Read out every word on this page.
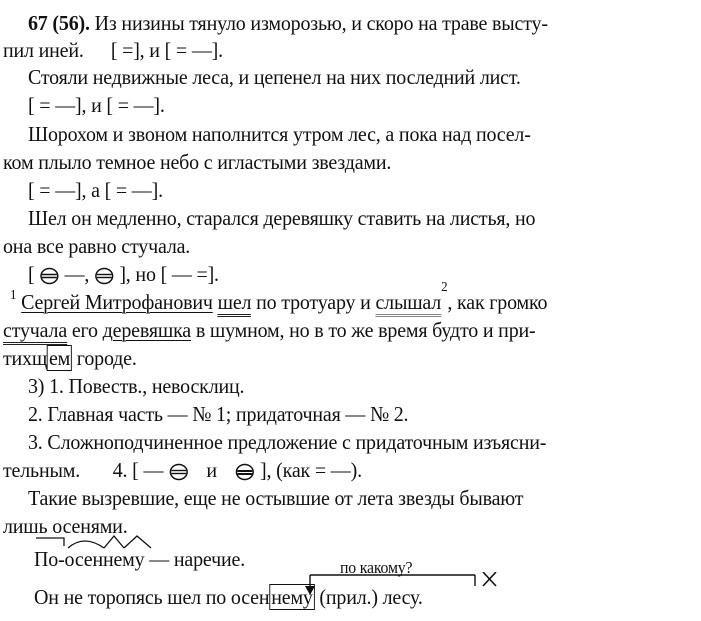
67 (56). Из низины тянуло изморозью, и скоро на траве высту-
пил иней. [ =], и [ = —].
Стояли недвижные леса, и цепенел на них последний лист.
[ = —], и [ = —].
Шорохом и звоном наполнится утром лес, а пока над посел-
ком плыло темное небо с игластыми звездами.
[ = —], а [ = —].
Шел он медленно, старался деревяшку ставить на листья, но
она все равно стучала.
[ —, ], но [ — =].
$^1$ Сергей Митрофанович шел по тротуару и слышал$^2$, как громко
стучала его деревяшка в шумном, но в то же время будто и при-
тихщем городе.
3) 1. Повеств., невосклиц.
2. Главная часть — № 1; придаточная — № 2.
3. Сложноподчиненное предложение с придаточным изъясни-
тельным. 4. [ — и ], (как = —).
Такие вызревшие, еще не остывшие от лета звезды бывают
лишь осенями.
По-осеннему — наречие.	по какому?
Он не торопясь шел по осеннему (прил.) лесу.
